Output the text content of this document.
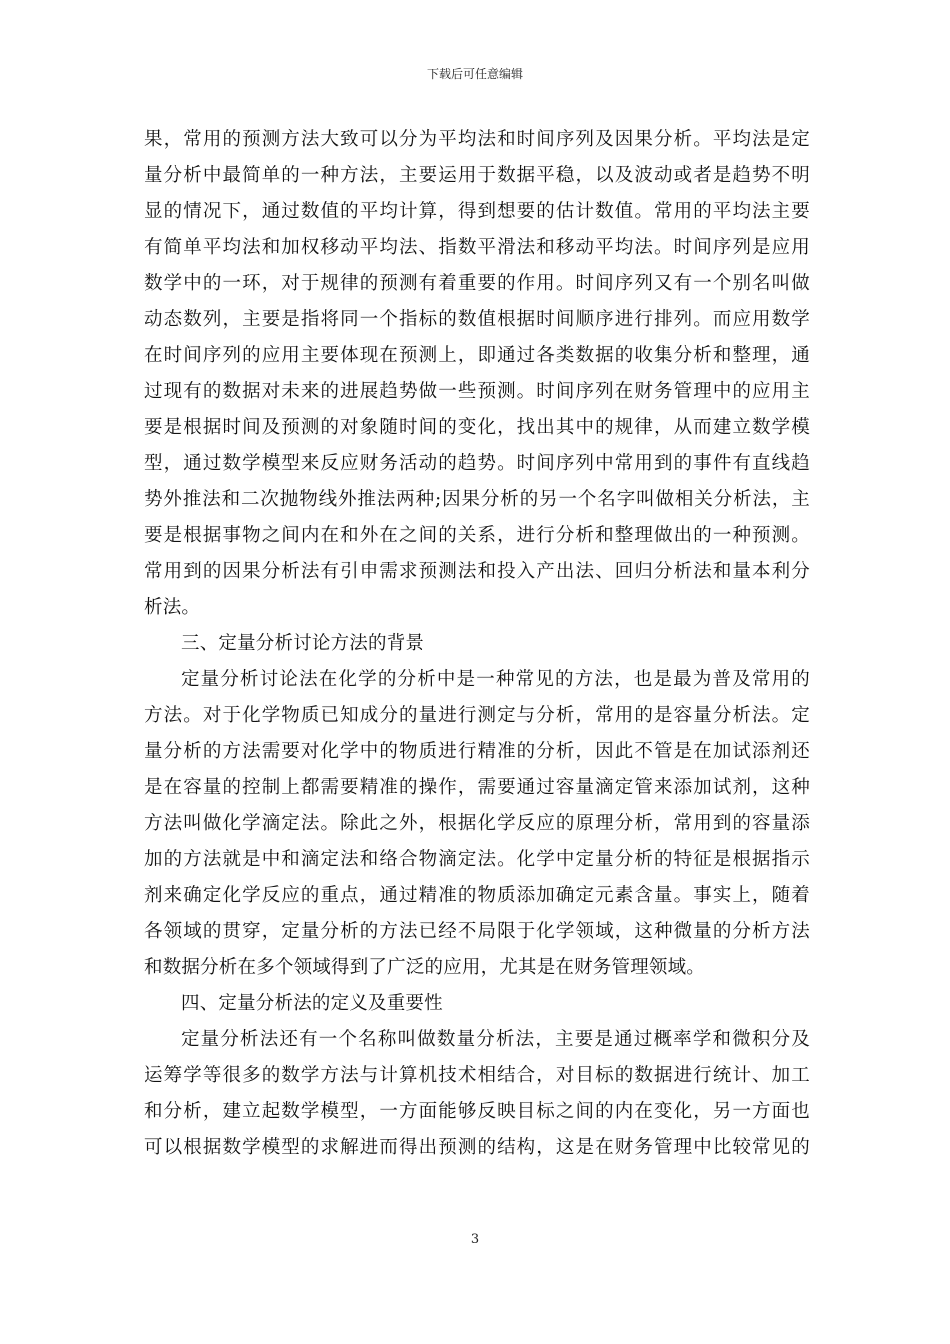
下载后可任意编辑
果，常用的预测方法大致可以分为平均法和时间序列及因果分析。平均法是定
量分析中最简单的一种方法，主要运用于数据平稳，以及波动或者是趋势不明
显的情况下，通过数值的平均计算，得到想要的估计数值。常用的平均法主要
有简单平均法和加权移动平均法、指数平滑法和移动平均法。时间序列是应用
数学中的一环，对于规律的预测有着重要的作用。时间序列又有一个别名叫做
动态数列，主要是指将同一个指标的数值根据时间顺序进行排列。而应用数学
在时间序列的应用主要体现在预测上，即通过各类数据的收集分析和整理，通
过现有的数据对未来的进展趋势做一些预测。时间序列在财务管理中的应用主
要是根据时间及预测的对象随时间的变化，找出其中的规律，从而建立数学模
型，通过数学模型来反应财务活动的趋势。时间序列中常用到的事件有直线趋
势外推法和二次抛物线外推法两种;因果分析的另一个名字叫做相关分析法，主
要是根据事物之间内在和外在之间的关系，进行分析和整理做出的一种预测。
常用到的因果分析法有引申需求预测法和投入产出法、回归分析法和量本利分
析法。
三、定量分析讨论方法的背景
定量分析讨论法在化学的分析中是一种常见的方法，也是最为普及常用的
方法。对于化学物质已知成分的量进行测定与分析，常用的是容量分析法。定
量分析的方法需要对化学中的物质进行精准的分析，因此不管是在加试添剂还
是在容量的控制上都需要精准的操作，需要通过容量滴定管来添加试剂，这种
方法叫做化学滴定法。除此之外，根据化学反应的原理分析，常用到的容量添
加的方法就是中和滴定法和络合物滴定法。化学中定量分析的特征是根据指示
剂来确定化学反应的重点，通过精准的物质添加确定元素含量。事实上，随着
各领域的贯穿，定量分析的方法已经不局限于化学领域，这种微量的分析方法
和数据分析在多个领域得到了广泛的应用，尤其是在财务管理领域。
四、定量分析法的定义及重要性
定量分析法还有一个名称叫做数量分析法，主要是通过概率学和微积分及
运筹学等很多的数学方法与计算机技术相结合，对目标的数据进行统计、加工
和分析，建立起数学模型，一方面能够反映目标之间的内在变化，另一方面也
可以根据数学模型的求解进而得出预测的结构，这是在财务管理中比较常见的
3
